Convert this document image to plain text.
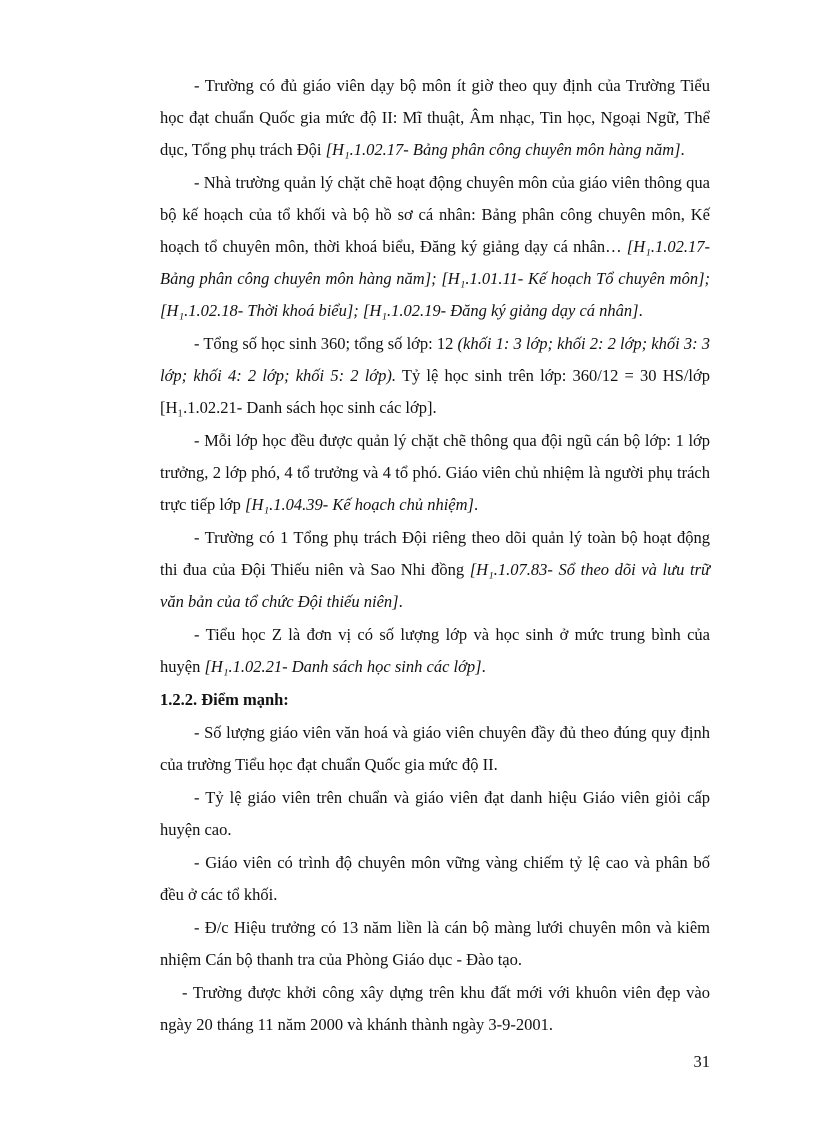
- Trường có đủ giáo viên dạy bộ môn ít giờ theo quy định của Trường Tiểu học đạt chuẩn Quốc gia mức độ II: Mĩ thuật, Âm nhạc, Tin học, Ngoại Ngữ, Thể dục, Tổng phụ trách Đội [H₁.1.02.17- Bảng phân công chuyên môn hàng năm].

- Nhà trường quản lý chặt chẽ hoạt động chuyên môn của giáo viên thông qua bộ kế hoạch của tổ khối và bộ hồ sơ cá nhân: Bảng phân công chuyên môn, Kế hoạch tổ chuyên môn, thời khoá biểu, Đăng ký giảng dạy cá nhân… [H₁.1.02.17- Bảng phân công chuyên môn hàng năm]; [H₁.1.01.11- Kế hoạch Tổ chuyên môn]; [H₁.1.02.18- Thời khoá biểu]; [H₁.1.02.19- Đăng ký giảng dạy cá nhân].

- Tổng số học sinh 360; tổng số lớp: 12 (khối 1: 3 lớp; khối 2: 2 lớp; khối 3: 3 lớp; khối 4: 2 lớp; khối 5: 2 lớp). Tỷ lệ học sinh trên lớp: 360/12 = 30 HS/lớp [H₁.1.02.21- Danh sách học sinh các lớp].

- Mỗi lớp học đều được quản lý chặt chẽ thông qua đội ngũ cán bộ lớp: 1 lớp trưởng, 2 lớp phó, 4 tổ trưởng và 4 tổ phó. Giáo viên chủ nhiệm là người phụ trách trực tiếp lớp [H₁.1.04.39- Kế hoạch chủ nhiệm].

- Trường có 1 Tổng phụ trách Đội riêng theo dõi quản lý toàn bộ hoạt động thi đua của Đội Thiếu niên và Sao Nhi đồng [H₁.1.07.83- Sổ theo dõi và lưu trữ văn bản của tổ chức Đội thiếu niên].

- Tiểu học Z là đơn vị có số lượng lớp và học sinh ở mức trung bình của huyện [H₁.1.02.21- Danh sách học sinh các lớp].

1.2.2. Điểm mạnh:

- Số lượng giáo viên văn hoá và giáo viên chuyên đầy đủ theo đúng quy định của trường Tiểu học đạt chuẩn Quốc gia mức độ II.

- Tỷ lệ giáo viên trên chuẩn và giáo viên đạt danh hiệu Giáo viên giỏi cấp huyện cao.

- Giáo viên có trình độ chuyên môn vững vàng chiếm tỷ lệ cao và phân bố đều ở các tổ khối.

- Đ/c Hiệu trưởng có 13 năm liền là cán bộ màng lưới chuyên môn và kiêm nhiệm Cán bộ thanh tra của Phòng Giáo dục - Đào tạo.

- Trường được khởi công xây dựng trên khu đất mới với khuôn viên đẹp vào ngày 20 tháng 11 năm 2000 và khánh thành ngày 3-9-2001.

31
